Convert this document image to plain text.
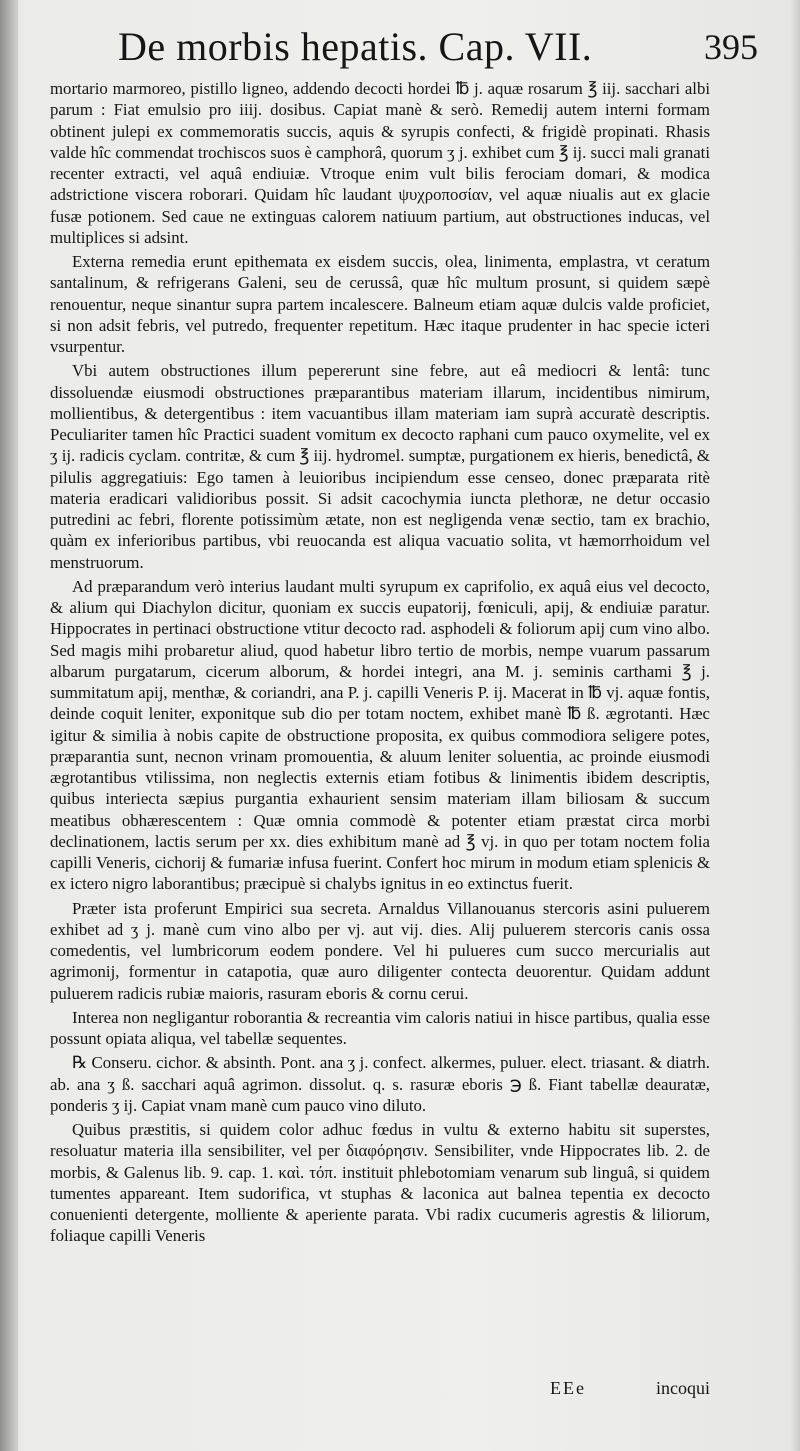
De morbis hepatis. Cap. VII.	395

mortario marmoreo, pistillo ligneo, addendo decocti hordei ℔ j. aquæ rosarum ℥ iij. sacchari albi parum : Fiat emulsio pro iiij. dosibus. Capiat manè & serò. Remedij autem interni formam obtinent julepi ex commemoratis succis, aquis & syrupis confecti, & frigidè propinati. Rhasis valde hîc commendat trochiscos suos è camphorâ, quorum ʒ j. exhibet cum ℥ ij. succi mali granati recenter extracti, vel aquâ endiuiæ. Vtroque enim vult bilis ferociam domari, & modica adstrictione viscera roborari. Quidam hîc laudant ψυχροποσίαν, vel aquæ niualis aut ex glacie fusæ potionem. Sed caue ne extinguas calorem natiuum partium, aut obstructiones inducas, vel multiplices si adsint.

Externa remedia erunt epithemata ex eisdem succis, olea, linimenta, emplastra, vt ceratum santalinum, & refrigerans Galeni, seu de cerussâ, quæ hîc multum prosunt, si quidem sæpè renouentur, neque sinantur supra partem incalescere. Balneum etiam aquæ dulcis valde proficiet, si non adsit febris, vel putredo, frequenter repetitum. Hæc itaque prudenter in hac specie icteri vsurpentur.

Vbi autem obstructiones illum pepererunt sine febre, aut eâ mediocri & lentâ: tunc dissoluendæ eiusmodi obstructiones præparantibus materiam illarum, incidentibus nimirum, mollientibus, & detergentibus : item vacuantibus illam materiam iam suprà accuratè descriptis. Peculiariter tamen hîc Practici suadent vomitum ex decocto raphani cum pauco oxymelite, vel ex ʒ ij. radicis cyclam. contritæ, & cum ℥ iij. hydromel. sumptæ, purgationem ex hieris, benedictâ, & pilulis aggregatiuis: Ego tamen à leuioribus incipiendum esse censeo, donec præparata ritè materia eradicari validioribus possit. Si adsit cacochymia iuncta plethoræ, ne detur occasio putredini ac febri, florente potissimùm ætate, non est negligenda venæ sectio, tam ex brachio, quàm ex inferioribus partibus, vbi reuocanda est aliqua vacuatio solita, vt hæmorrhoidum vel menstruorum.

Ad præparandum verò interius laudant multi syrupum ex caprifolio, ex aquâ eius vel decocto, & alium qui Diachylon dicitur, quoniam ex succis eupatorij, fœniculi, apij, & endiuiæ paratur. Hippocrates in pertinaci obstructione vtitur decocto rad. asphodeli & foliorum apij cum vino albo. Sed magis mihi probaretur aliud, quod habetur libro tertio de morbis, nempe vuarum passarum albarum purgatarum, cicerum alborum, & hordei integri, ana M. j. seminis carthami ℥ j. summitatum apij, menthæ, & coriandri, ana P. j. capilli Veneris P. ij. Macerat in ℔ vj. aquæ fontis, deinde coquit leniter, exponitque sub dio per totam noctem, exhibet manè ℔ ß. ægrotanti. Hæc igitur & similia à nobis capite de obstructione proposita, ex quibus commodiora seligere potes, præparantia sunt, necnon vrinam promouentia, & aluum leniter soluentia, ac proinde eiusmodi ægrotantibus vtilissima, non neglectis externis etiam fotibus & linimentis ibidem descriptis, quibus interiecta sæpius purgantia exhaurient sensim materiam illam biliosam & succum meatibus obhærescentem : Quæ omnia commodè & potenter etiam præstat circa morbi declinationem, lactis serum per xx. dies exhibitum manè ad ℥ vj. in quo per totam noctem folia capilli Veneris, cichorij & fumariæ infusa fuerint. Confert hoc mirum in modum etiam splenicis & ex ictero nigro laborantibus; præcipuè si chalybs ignitus in eo extinctus fuerit.

Præter ista proferunt Empirici sua secreta. Arnaldus Villanouanus stercoris asini puluerem exhibet ad ʒ j. manè cum vino albo per vj. aut vij. dies. Alij puluerem stercoris canis ossa comedentis, vel lumbricorum eodem pondere. Vel hi pulueres cum succo mercurialis aut agrimonij, formentur in catapotia, quæ auro diligenter contecta deuorentur. Quidam addunt puluerem radicis rubiæ maioris, rasuram eboris & cornu cerui.

Interea non negligantur roborantia & recreantia vim caloris natiui in hisce partibus, qualia esse possunt opiata aliqua, vel tabellæ sequentes.

℞ Conseru. cichor. & absinth. Pont. ana ʒ j. confect. alkermes, puluer. elect. triasant. & diatrh. ab. ana ʒ ß. sacchari aquâ agrimon. dissolut. q. s. rasuræ eboris ℈ ß. Fiant tabellæ deauratæ, ponderis ʒ ij. Capiat vnam manè cum pauco vino diluto.

Quibus præstitis, si quidem color adhuc fœdus in vultu & externo habitu sit superstes, resoluatur materia illa sensibiliter, vel per διαφόρησιν. Sensibiliter, vnde Hippocrates lib. 2. de morbis, & Galenus lib. 9. cap. 1. καὶ. τόπ. instituit phlebotomiam venarum sub linguâ, si quidem tumentes appareant. Item sudorifica, vt stuphas & laconica aut balnea tepentia ex decocto conuenienti detergente, molliente & aperiente parata. Vbi radix cucumeris agrestis & liliorum, foliaque capilli Veneris

EEe	incoqui
